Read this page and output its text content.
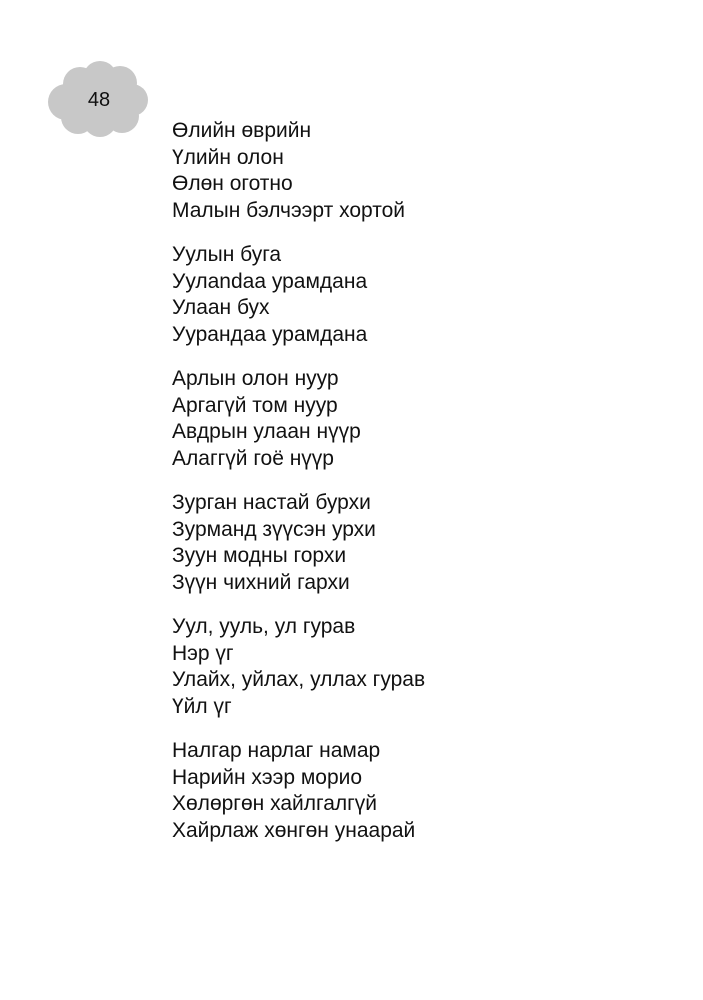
48
Өлийн өврийн
Үлийн олон
Өлөн оготно
Малын бэлчээрт хортой
Уулын буга
Уулandaа урамдана
Улаан бух
Уурандаа урамдана
Арлын олон нуур
Аргагүй том нуур
Авдрын улаан нүүр
Алаггүй гоё нүүр
Зурган настай бурхи
Зурманд зүүсэн урхи
Зуун модны горхи
Зүүн чихний гархи
Уул, ууль, ул гурав
Нэр үг
Улайх, уйлах, уллах гурав
Үйл үг
Налгар нарлаг намар
Нарийн хээр морио
Хөлөргөн хайлгалгүй
Хайрлаж хөнгөн унаарай
